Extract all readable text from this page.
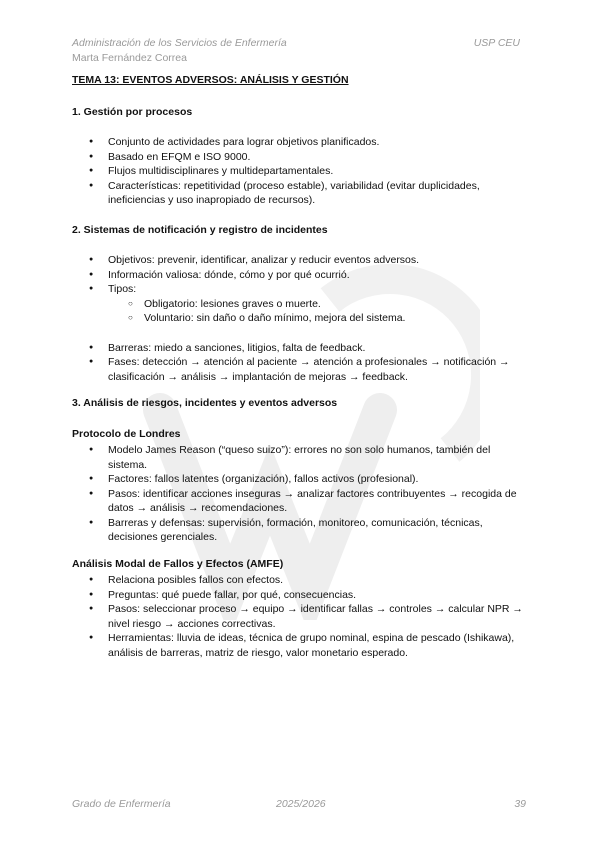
Administración de los Servicios de Enfermería	USP CEU
Marta Fernández Correa
TEMA 13: EVENTOS ADVERSOS: ANÁLISIS Y GESTIÓN
1. Gestión por procesos
● Conjunto de actividades para lograr objetivos planificados.
● Basado en EFQM e ISO 9000.
● Flujos multidisciplinares y multidepartamentales.
● Características: repetitividad (proceso estable), variabilidad (evitar duplicidades, ineficiencias y uso inapropiado de recursos).
2. Sistemas de notificación y registro de incidentes
● Objetivos: prevenir, identificar, analizar y reducir eventos adversos.
● Información valiosa: dónde, cómo y por qué ocurrió.
● Tipos:
○ Obligatorio: lesiones graves o muerte.
○ Voluntario: sin daño o daño mínimo, mejora del sistema.
● Barreras: miedo a sanciones, litigios, falta de feedback.
● Fases: detección → atención al paciente → atención a profesionales → notificación → clasificación → análisis → implantación de mejoras → feedback.
3. Análisis de riesgos, incidentes y eventos adversos
Protocolo de Londres
● Modelo James Reason (“queso suizo”): errores no son solo humanos, también del sistema.
● Factores: fallos latentes (organización), fallos activos (profesional).
● Pasos: identificar acciones inseguras → analizar factores contribuyentes → recogida de datos → análisis → recomendaciones.
● Barreras y defensas: supervisión, formación, monitoreo, comunicación, técnicas, decisiones gerenciales.
Análisis Modal de Fallos y Efectos (AMFE)
● Relaciona posibles fallos con efectos.
● Preguntas: qué puede fallar, por qué, consecuencias.
● Pasos: seleccionar proceso → equipo → identificar fallas → controles → calcular NPR → nivel riesgo → acciones correctivas.
● Herramientas: lluvia de ideas, técnica de grupo nominal, espina de pescado (Ishikawa), análisis de barreras, matriz de riesgo, valor monetario esperado.
Grado de Enfermería	2025/2026	39
